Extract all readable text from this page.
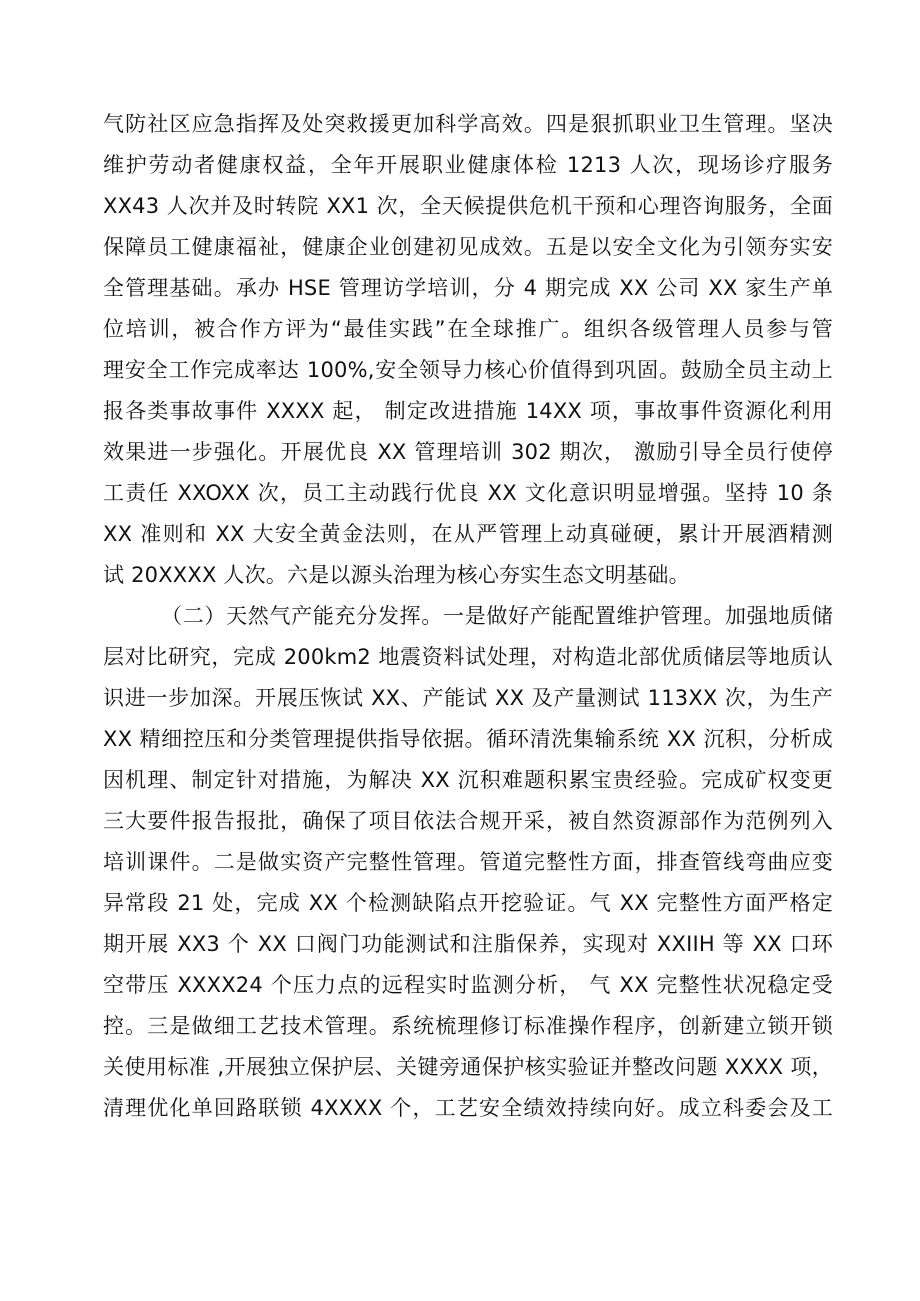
气防社区应急指挥及处突救援更加科学高效。四是狠抓职业卫生管理。坚决
维护劳动者健康权益，全年开展职业健康体检 1213 人次，现场诊疗服务
XX43 人次并及时转院 XX1 次，全天候提供危机干预和心理咨询服务，全面
保障员工健康福祉，健康企业创建初见成效。五是以安全文化为引领夯实安
全管理基础。承办 HSE 管理访学培训，分 4 期完成 XX 公司 XX 家生产单
位培训，被合作方评为“最佳实践”在全球推广。组织各级管理人员参与管
理安全工作完成率达 100%,安全领导力核心价值得到巩固。鼓励全员主动上
报各类事故事件 XXXX 起， 制定改进措施 14XX 项，事故事件资源化利用
效果进一步强化。开展优良 XX 管理培训 302 期次， 激励引导全员行使停
工责任 XXOXX 次，员工主动践行优良 XX 文化意识明显增强。坚持 10 条
XX 准则和 XX 大安全黄金法则，在从严管理上动真碰硬，累计开展酒精测
试 20XXXX 人次。六是以源头治理为核心夯实生态文明基础。
（二）天然气产能充分发挥。一是做好产能配置维护管理。加强地质储
层对比研究，完成 200km2 地震资料试处理，对构造北部优质储层等地质认
识进一步加深。开展压恢试 XX、产能试 XX 及产量测试 113XX 次，为生产
XX 精细控压和分类管理提供指导依据。循环清洗集输系统 XX 沉积，分析成
因机理、制定针对措施，为解决 XX 沉积难题积累宝贵经验。完成矿权变更
三大要件报告报批，确保了项目依法合规开采，被自然资源部作为范例列入
培训课件。二是做实资产完整性管理。管道完整性方面，排查管线弯曲应变
异常段 21 处，完成 XX 个检测缺陷点开挖验证。气 XX 完整性方面严格定
期开展 XX3 个 XX 口阀门功能测试和注脂保养，实现对 XXIIH 等 XX 口环
空带压 XXXX24 个压力点的远程实时监测分析， 气 XX 完整性状况稳定受
控。三是做细工艺技术管理。系统梳理修订标准操作程序，创新建立锁开锁
关使用标准 ,开展独立保护层、关键旁通保护核实验证并整改问题 XXXX 项，
清理优化单回路联锁 4XXXX 个，工艺安全绩效持续向好。成立科委会及工
